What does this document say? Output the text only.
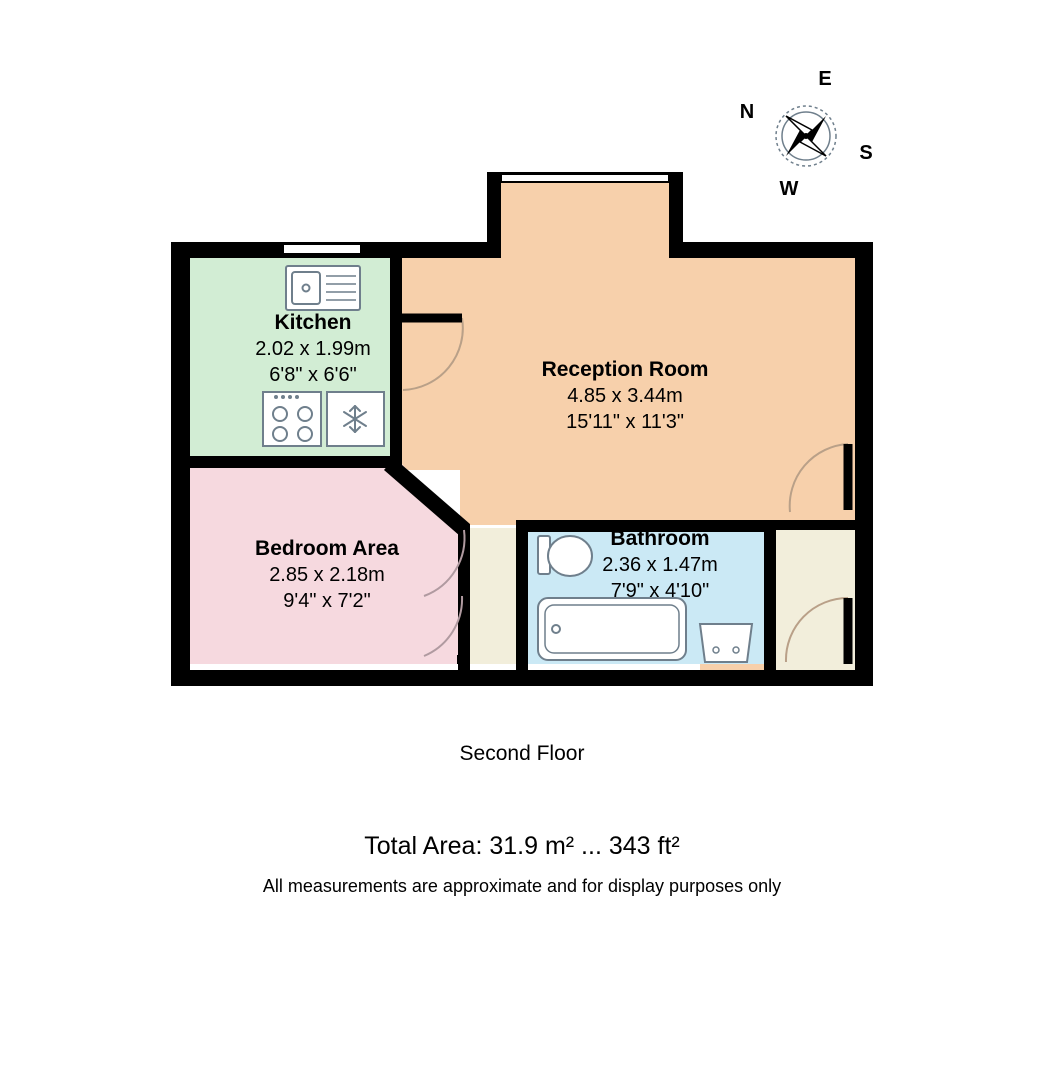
E
N
S
W
Kitchen
2.02 x 1.99m
6'8" x 6'6"	Reception Room
4.85 x 3.44m
15'11" x 11'3"
Bedroom Area
2.85 x 2.18m
9'4" x 7'2"
Bathroom
2.36 x 1.47m
7'9" x 4'10"
Second Floor
Total Area: 31.9 m² ... 343 ft²
All measurements are approximate and for display purposes only
